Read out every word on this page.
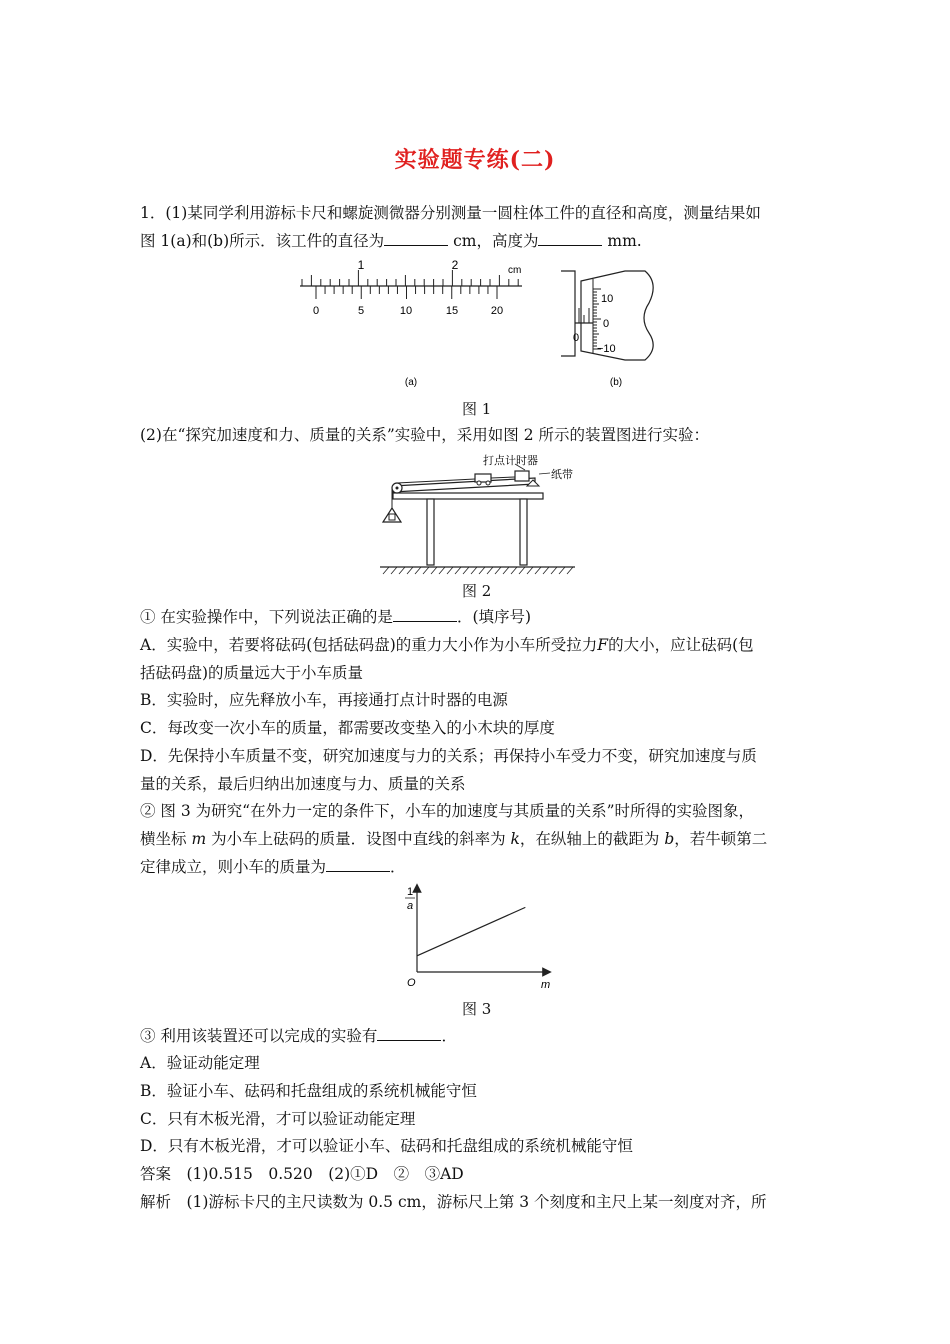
实验题专练(二)
1．(1)某同学利用游标卡尺和螺旋测微器分别测量一圆柱体工件的直径和高度，测量结果如
图 1(a)和(b)所示．该工件的直径为	cm，高度为	mm.
1	2	cm
0	5	10	15	20
(a)
10
0
−10
0
(b)
图 1
(2)在“探究加速度和力、质量的关系”实验中，采用如图 2 所示的装置图进行实验：
打点计时器
纸带
图 2
① 在实验操作中，下列说法正确的是	．(填序号)
A．实验中，若要将砝码(包括砝码盘)的重力大小作为小车所受拉力F的大小，应让砝码(包
括砝码盘)的质量远大于小车质量
B．实验时，应先释放小车，再接通打点计时器的电源
C．每改变一次小车的质量，都需要改变垫入的小木块的厚度
D．先保持小车质量不变，研究加速度与力的关系；再保持小车受力不变，研究加速度与质
量的关系，最后归纳出加速度与力、质量的关系
② 图 3 为研究“在外力一定的条件下，小车的加速度与其质量的关系”时所得的实验图象，
横坐标 m 为小车上砝码的质量．设图中直线的斜率为 k，在纵轴上的截距为 b，若牛顿第二
定律成立，则小车的质量为	．
1
a
m
O
图 3
③ 利用该装置还可以完成的实验有	．
A．验证动能定理
B．验证小车、砝码和托盘组成的系统机械能守恒
C．只有木板光滑，才可以验证动能定理
D．只有木板光滑，才可以验证小车、砝码和托盘组成的系统机械能守恒
答案　(1)0.515　0.520　(2)①D　②　③AD
解析　(1)游标卡尺的主尺读数为 0.5 cm，游标尺上第 3 个刻度和主尺上某一刻度对齐，所
